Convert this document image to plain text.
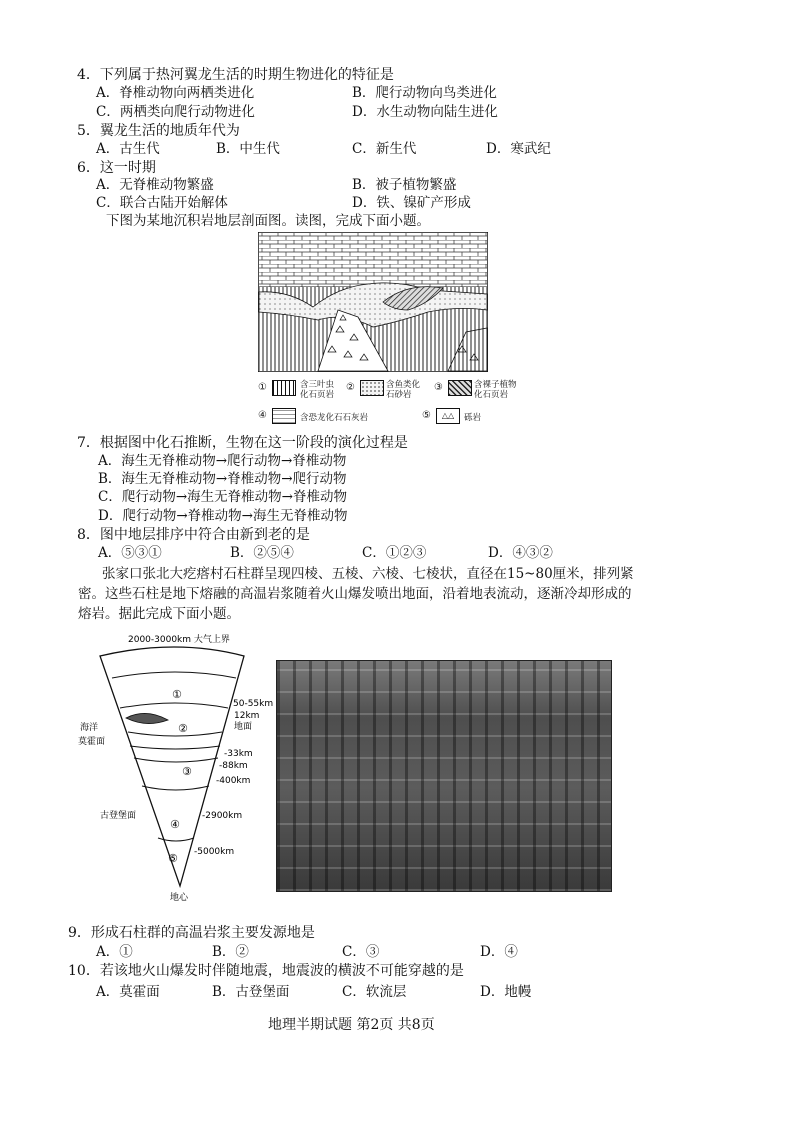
4．下列属于热河翼龙生活的时期生物进化的特征是
A．脊椎动物向两栖类进化	B．爬行动物向鸟类进化
C．两栖类向爬行动物进化	D．水生动物向陆生进化
5．翼龙生活的地质年代为
A．古生代	B．中生代	C．新生代	D．寒武纪
6．这一时期
A．无脊椎动物繁盛	B．被子植物繁盛
C．联合古陆开始解体	D．铁、镍矿产形成
下图为某地沉积岩地层剖面图。读图，完成下面小题。
①	含三叶虫
化石页岩
②	含鱼类化
石砂岩
③	含裸子植物
化石页岩
④	含恐龙化石石灰岩	⑤	△△	砾岩
7．根据图中化石推断，生物在这一阶段的演化过程是
A．海生无脊椎动物→爬行动物→脊椎动物
B．海生无脊椎动物→脊椎动物→爬行动物
C．爬行动物→海生无脊椎动物→脊椎动物
D．爬行动物→脊椎动物→海生无脊椎动物
8．图中地层排序中符合由新到老的是
A．⑤③①	B．②⑤④	C．①②③	D．④③②
张家口张北大疙瘩村石柱群呈现四棱、五棱、六棱、七棱状，直径在15~80厘米，排列紧密。这些石柱是地下熔融的高温岩浆随着火山爆发喷出地面，沿着地表流动，逐渐冷却形成的熔岩。据此完成下面小题。
2000-3000km 大气上界
①
②
③
④
⑤
海洋
莫霍面
古登堡面
50-55km
12km
地面
-33km
-88km
-400km
-2900km
-5000km
地心
9．形成石柱群的高温岩浆主要发源地是
A．①	B．②	C．③	D．④
10．若该地火山爆发时伴随地震，地震波的横波不可能穿越的是
A．莫霍面	B．古登堡面	C．软流层	D．地幔
地理半期试题 第2页 共8页
